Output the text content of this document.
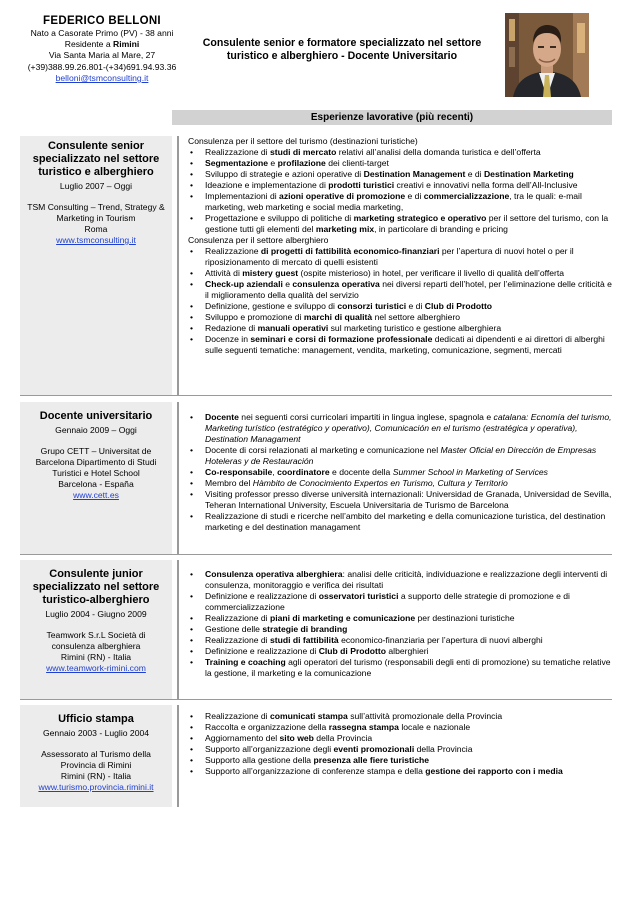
FEDERICO BELLONI
Nato a Casorate Primo (PV) - 38 anni
Residente a Rimini
Via Santa Maria al Mare, 27
(+39)388.99.26.801-(+34)691.94.93.36
belloni@tsmconsulting.it
Consulente senior e formatore specializzato nel settore turistico e alberghiero - Docente Universitario
Esperienze lavorative (più recenti)
Consulente senior specializzato nel settore turistico e alberghiero
Luglio 2007 – Oggi
TSM Consulting – Trend, Strategy & Marketing in Tourism
Roma
www.tsmconsulting.it
Consulenza per il settore del turismo (destinazioni turistiche)
• Realizzazione di studi di mercato relativi all’analisi della domanda turistica e dell’offerta
• Segmentazione e profilazione dei clienti-target
• Sviluppo di strategie e azioni operative di Destination Management e di Destination Marketing
• Ideazione e implementazione di prodotti turistici creativi e innovativi nella forma dell’All-Inclusive
• Implementazioni di azioni operative di promozione e di commercializzazione, tra le quali: e-mail marketing, web marketing e social media marketing,
• Progettazione e sviluppo di politiche di marketing strategico e operativo per il settore del turismo, con la gestione tutti gli elementi del marketing mix, in particolare di branding e pricing
Consulenza per il settore alberghiero
• Realizzazione di progetti di fattibilità economico-finanziari per l’apertura di nuovi hotel o per il riposizionamento di mercato di quelli esistenti
• Attività di mistery guest (ospite misterioso) in hotel, per verificare il livello di qualità dell’offerta
• Check-up aziendali e consulenza operativa nei diversi reparti dell’hotel, per l’eliminazione delle criticità e il miglioramento della qualità del servizio
• Definizione, gestione e sviluppo di consorzi turistici e di Club di Prodotto
• Sviluppo e promozione di marchi di qualità nel settore alberghiero
• Redazione di manuali operativi sul marketing turistico e gestione alberghiera
• Docenze in seminari e corsi di formazione professionale dedicati ai dipendenti e ai direttori di alberghi sulle seguenti tematiche: management, vendita, marketing, comunicazione, segmenti, mercati
Docente universitario
Gennaio 2009 – Oggi
Grupo CETT – Universitat de Barcelona Dipartimento di Studi Turistici e Hotel School
Barcelona - España
www.cett.es
• Docente nei seguenti corsi curricolari impartiti in lingua inglese, spagnola e catalana: Ecnomía del turismo, Marketing turístico (estratégico y operativo), Comunicación en el turismo (estratégica y operativa), Destination Managament
• Docente di corsi relazionati al marketing e comunicazione nel Master Oficial en Dirección de Empresas Hoteleras y de Restauración
• Co-responsabile, coordinatore e docente della Summer School in Marketing of Services
• Membro del Hàmbito de Conocimiento Expertos en Turismo, Cultura y Territorio
• Visiting professor presso diverse università internazionali: Universidad de Granada, Universidad de Sevilla, Teheran International University, Escuela Universitaria de Turismo de Barcelona
• Realizzazione di studi e ricerche nell’ambito del marketing e della comunicazione turistica, del destination marketing e del destination managament
Consulente junior specializzato nel settore turistico-alberghiero
Luglio 2004 - Giugno 2009
Teamwork S.r.L Società di consulenza alberghiera
Rimini (RN) - Italia
www.teamwork-rimini.com
• Consulenza operativa alberghiera: analisi delle criticità, individuazione e realizzazione degli interventi di consulenza, monitoraggio e verifica dei risultati
• Definizione e realizzazione di osservatori turistici a supporto delle strategie di promozione e di commercializzazione
• Realizzazione di piani di marketing e comunicazione per destinazioni turistiche
• Gestione delle strategie di branding
• Realizzazione di studi di fattibilità economico-finanziaria per l’apertura di nuovi alberghi
• Definizione e realizzazione di Club di Prodotto alberghieri
• Training e coaching agli operatori del turismo (responsabili degli enti di promozione) su tematiche relative la gestione, il marketing e la comunicazione
Ufficio stampa
Gennaio 2003 - Luglio 2004
Assessorato al Turismo della Provincia di Rimini
Rimini (RN) - Italia
www.turismo.provincia.rimini.it
• Realizzazione di comunicati stampa sull’attività promozionale della Provincia
• Raccolta e organizzazione della rassegna stampa locale e nazionale
• Aggiornamento del sito web della Provincia
• Supporto all’organizzazione degli eventi promozionali della Provincia
• Supporto alla gestione della presenza alle fiere turistiche
• Supporto all’organizzazione di conferenze stampa e della gestione dei rapporto con i media
